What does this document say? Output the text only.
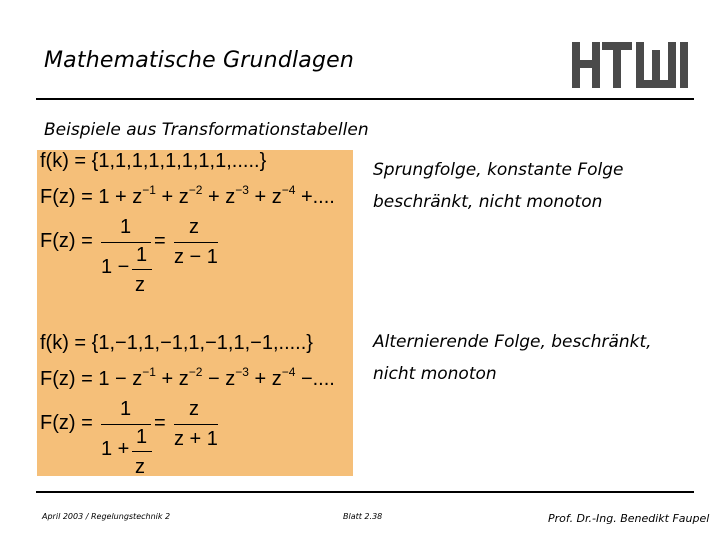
Mathematische Grundlagen
Beispiele aus Transformationstabellen
f(k) = {1,1,1,1,1,1,1,1,.....}
$F(z) = 1 + z^{-1} + z^{-2} + z^{-3} + z^{-4}$ +....
F(z) =
1
1 −
1
z
=
z
z − 1
Sprungfolge, konstante Folge
beschränkt, nicht monoton
f(k) = {1,−1,1,−1,1,−1,1,−1,.....}
$F(z) = 1 - z^{-1} + z^{-2} - z^{-3} + z^{-4}$ −....
F(z) =
1
1 +
1
z
=
z
z + 1
Alternierende Folge, beschränkt,
nicht monoton
April 2003 / Regelungstechnik 2	Blatt 2.38	Prof. Dr.-Ing. Benedikt Faupel
